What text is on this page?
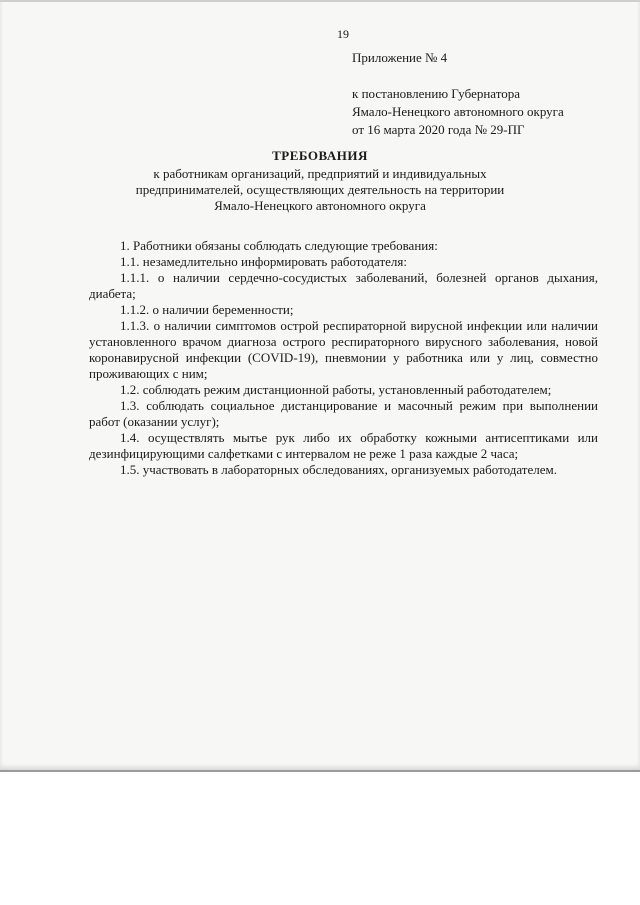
19
Приложение № 4
к постановлению Губернатора
Ямало-Ненецкого автономного округа
от 16 марта 2020 года № 29-ПГ
ТРЕБОВАНИЯ
к работникам организаций, предприятий и индивидуальных
предпринимателей, осуществляющих деятельность на территории
Ямало-Ненецкого автономного округа

1. Работники обязаны соблюдать следующие требования:

1.1. незамедлительно информировать работодателя:

1.1.1. о наличии сердечно-сосудистых заболеваний, болезней органов дыхания, диабета;

1.1.2. о наличии беременности;

1.1.3. о наличии симптомов острой респираторной вирусной инфекции или наличии установленного врачом диагноза острого респираторного вирусного заболевания, новой коронавирусной инфекции (COVID-19), пневмонии у работника или у лиц, совместно проживающих с ним;

1.2. соблюдать режим дистанционной работы, установленный работодателем;

1.3. соблюдать социальное дистанцирование и масочный режим при выполнении работ (оказании услуг);

1.4. осуществлять мытье рук либо их обработку кожными антисептиками или дезинфицирующими салфетками с интервалом не реже 1 раза каждые 2 часа;

1.5. участвовать в лабораторных обследованиях, организуемых работодателем.
